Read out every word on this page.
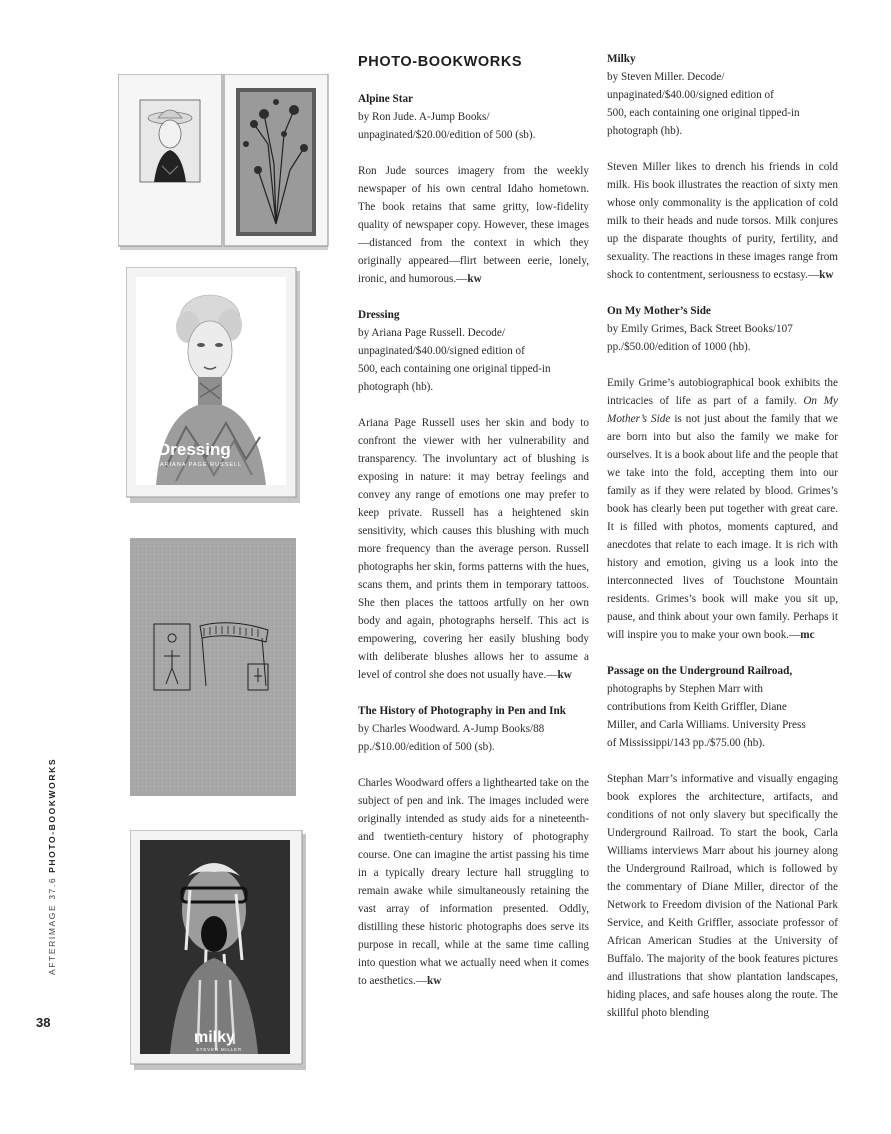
AFTERIMAGE 37.6 PHOTO-BOOKWORKS
38
Dressing
ARIANA PAGE RUSSELL
milky
STEVEN MILLER
PHOTO-BOOKWORKS

Alpine Star

by Ron Jude. A-Jump Books/

unpaginated/$20.00/edition of 500 (sb).

Ron Jude sources imagery from the weekly newspaper of his own central Idaho hometown. The book retains that same gritty, low-fidelity quality of newspaper copy. However, these images—distanced from the context in which they originally appeared—flirt between eerie, lonely, ironic, and humorous.—kw

Dressing

by Ariana Page Russell. Decode/

unpaginated/$40.00/signed edition of

500, each containing one original tipped-in

photograph (hb).

Ariana Page Russell uses her skin and body to confront the viewer with her vulnerability and transparency. The involuntary act of blushing is exposing in nature: it may betray feelings and convey any range of emotions one may prefer to keep private. Russell has a heightened skin sensitivity, which causes this blushing with much more frequency than the average person. Russell photographs her skin, forms patterns with the hues, scans them, and prints them in temporary tattoos. She then places the tattoos artfully on her own body and again, photographs herself. This act is empowering, covering her easily blushing body with deliberate blushes allows her to assume a level of control she does not usually have.—kw

The History of Photography in Pen and Ink

by Charles Woodward. A-Jump Books/88

pp./$10.00/edition of 500 (sb).

Charles Woodward offers a lighthearted take on the subject of pen and ink. The images included were originally intended as study aids for a nineteenth- and twentieth-century history of photography course. One can imagine the artist passing his time in a typically dreary lecture hall struggling to remain awake while simultaneously retaining the vast array of information presented. Oddly, distilling these historic photographs does serve its purpose in recall, while at the same time calling into question what we actually need when it comes to aesthetics.—kw

Milky

by Steven Miller. Decode/

unpaginated/$40.00/signed edition of

500, each containing one original tipped-in

photograph (hb).

Steven Miller likes to drench his friends in cold milk. His book illustrates the reaction of sixty men whose only commonality is the application of cold milk to their heads and nude torsos. Milk conjures up the disparate thoughts of purity, fertility, and sexuality. The reactions in these images range from shock to contentment, seriousness to ecstasy.—kw

On My Mother’s Side

by Emily Grimes, Back Street Books/107

pp./$50.00/edition of 1000 (hb).

Emily Grime’s autobiographical book exhibits the intricacies of life as part of a family. On My Mother’s Side is not just about the family that we are born into but also the family we make for ourselves. It is a book about life and the people that we take into the fold, accepting them into our family as if they were related by blood. Grimes’s book has clearly been put together with great care. It is filled with photos, moments captured, and anecdotes that relate to each image. It is rich with history and emotion, giving us a look into the interconnected lives of Touchstone Mountain residents. Grimes’s book will make you sit up, pause, and think about your own family. Perhaps it will inspire you to make your own book.—mc

Passage on the Underground Railroad,

photographs by Stephen Marr with

contributions from Keith Griffler, Diane

Miller, and Carla Williams. University Press

of Mississippi/143 pp./$75.00 (hb).

Stephan Marr’s informative and visually engaging book explores the architecture, artifacts, and conditions of not only slavery but specifically the Underground Railroad. To start the book, Carla Williams interviews Marr about his journey along the Underground Railroad, which is followed by the commentary of Diane Miller, director of the Network to Freedom division of the National Park Service, and Keith Griffler, associate professor of African American Studies at the University of Buffalo. The majority of the book features pictures and illustrations that show plantation landscapes, hiding places, and safe houses along the route. The skillful photo blending
